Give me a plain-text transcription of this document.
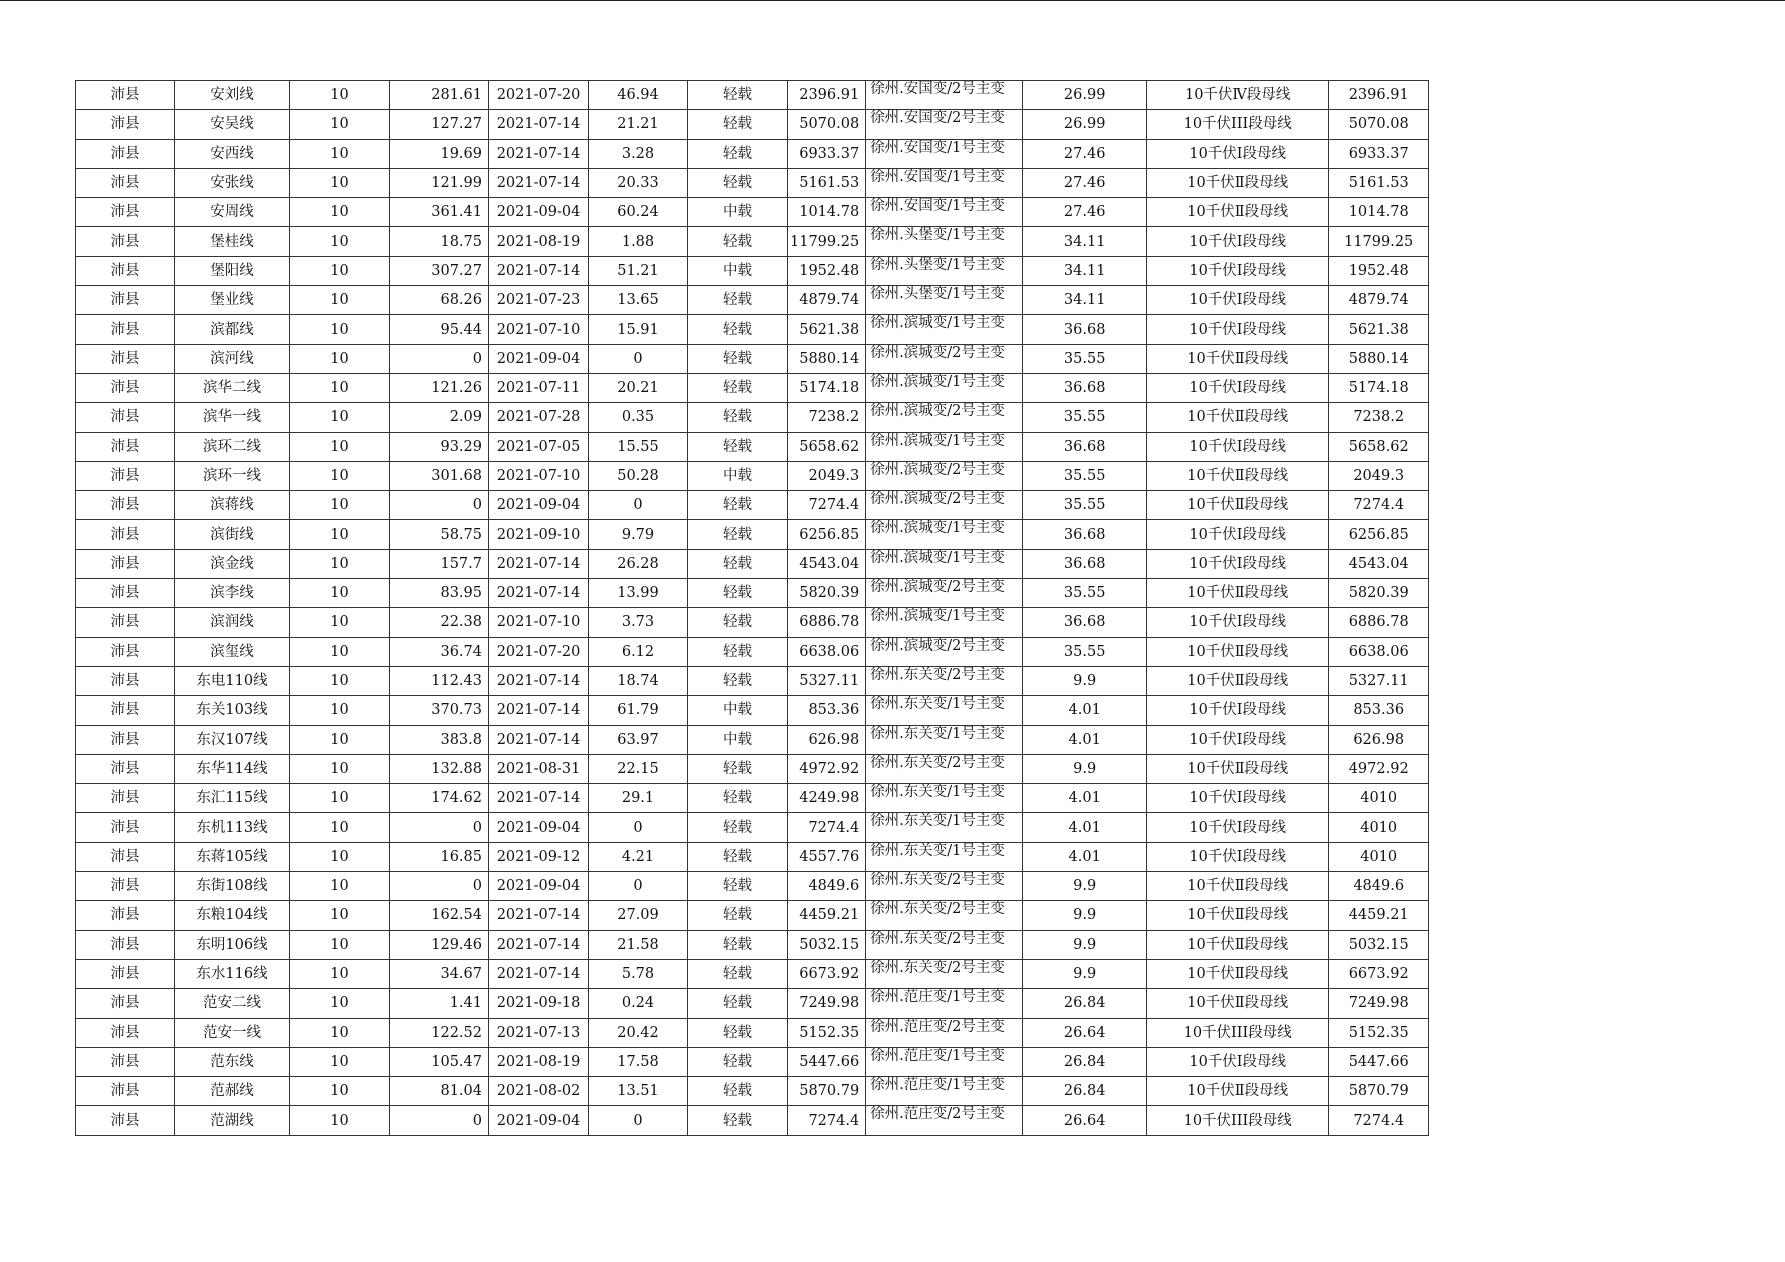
沛县	安刘线	10	281.61	2021-07-20	46.94	轻载	2396.91	徐州.安国变/2号主变	26.99	10千伏Ⅳ段母线	2396.91
沛县	安吴线	10	127.27	2021-07-14	21.21	轻载	5070.08	徐州.安国变/2号主变	26.99	10千伏III段母线	5070.08
沛县	安西线	10	19.69	2021-07-14	3.28	轻载	6933.37	徐州.安国变/1号主变	27.46	10千伏Ⅰ段母线	6933.37
沛县	安张线	10	121.99	2021-07-14	20.33	轻载	5161.53	徐州.安国变/1号主变	27.46	10千伏Ⅱ段母线	5161.53
沛县	安周线	10	361.41	2021-09-04	60.24	中载	1014.78	徐州.安国变/1号主变	27.46	10千伏Ⅱ段母线	1014.78
沛县	堡桂线	10	18.75	2021-08-19	1.88	轻载	11799.25	徐州.头堡变/1号主变	34.11	10千伏Ⅰ段母线	11799.25
沛县	堡阳线	10	307.27	2021-07-14	51.21	中载	1952.48	徐州.头堡变/1号主变	34.11	10千伏Ⅰ段母线	1952.48
沛县	堡业线	10	68.26	2021-07-23	13.65	轻载	4879.74	徐州.头堡变/1号主变	34.11	10千伏Ⅰ段母线	4879.74
沛县	滨都线	10	95.44	2021-07-10	15.91	轻载	5621.38	徐州.滨城变/1号主变	36.68	10千伏Ⅰ段母线	5621.38
沛县	滨河线	10	0	2021-09-04	0	轻载	5880.14	徐州.滨城变/2号主变	35.55	10千伏Ⅱ段母线	5880.14
沛县	滨华二线	10	121.26	2021-07-11	20.21	轻载	5174.18	徐州.滨城变/1号主变	36.68	10千伏Ⅰ段母线	5174.18
沛县	滨华一线	10	2.09	2021-07-28	0.35	轻载	7238.2	徐州.滨城变/2号主变	35.55	10千伏Ⅱ段母线	7238.2
沛县	滨环二线	10	93.29	2021-07-05	15.55	轻载	5658.62	徐州.滨城变/1号主变	36.68	10千伏Ⅰ段母线	5658.62
沛县	滨环一线	10	301.68	2021-07-10	50.28	中载	2049.3	徐州.滨城变/2号主变	35.55	10千伏Ⅱ段母线	2049.3
沛县	滨蒋线	10	0	2021-09-04	0	轻载	7274.4	徐州.滨城变/2号主变	35.55	10千伏Ⅱ段母线	7274.4
沛县	滨街线	10	58.75	2021-09-10	9.79	轻载	6256.85	徐州.滨城变/1号主变	36.68	10千伏Ⅰ段母线	6256.85
沛县	滨金线	10	157.7	2021-07-14	26.28	轻载	4543.04	徐州.滨城变/1号主变	36.68	10千伏Ⅰ段母线	4543.04
沛县	滨李线	10	83.95	2021-07-14	13.99	轻载	5820.39	徐州.滨城变/2号主变	35.55	10千伏Ⅱ段母线	5820.39
沛县	滨润线	10	22.38	2021-07-10	3.73	轻载	6886.78	徐州.滨城变/1号主变	36.68	10千伏Ⅰ段母线	6886.78
沛县	滨玺线	10	36.74	2021-07-20	6.12	轻载	6638.06	徐州.滨城变/2号主变	35.55	10千伏Ⅱ段母线	6638.06
沛县	东电110线	10	112.43	2021-07-14	18.74	轻载	5327.11	徐州.东关变/2号主变	9.9	10千伏Ⅱ段母线	5327.11
沛县	东关103线	10	370.73	2021-07-14	61.79	中载	853.36	徐州.东关变/1号主变	4.01	10千伏Ⅰ段母线	853.36
沛县	东汉107线	10	383.8	2021-07-14	63.97	中载	626.98	徐州.东关变/1号主变	4.01	10千伏Ⅰ段母线	626.98
沛县	东华114线	10	132.88	2021-08-31	22.15	轻载	4972.92	徐州.东关变/2号主变	9.9	10千伏Ⅱ段母线	4972.92
沛县	东汇115线	10	174.62	2021-07-14	29.1	轻载	4249.98	徐州.东关变/1号主变	4.01	10千伏Ⅰ段母线	4010
沛县	东机113线	10	0	2021-09-04	0	轻载	7274.4	徐州.东关变/1号主变	4.01	10千伏Ⅰ段母线	4010
沛县	东蒋105线	10	16.85	2021-09-12	4.21	轻载	4557.76	徐州.东关变/1号主变	4.01	10千伏Ⅰ段母线	4010
沛县	东街108线	10	0	2021-09-04	0	轻载	4849.6	徐州.东关变/2号主变	9.9	10千伏Ⅱ段母线	4849.6
沛县	东粮104线	10	162.54	2021-07-14	27.09	轻载	4459.21	徐州.东关变/2号主变	9.9	10千伏Ⅱ段母线	4459.21
沛县	东明106线	10	129.46	2021-07-14	21.58	轻载	5032.15	徐州.东关变/2号主变	9.9	10千伏Ⅱ段母线	5032.15
沛县	东水116线	10	34.67	2021-07-14	5.78	轻载	6673.92	徐州.东关变/2号主变	9.9	10千伏Ⅱ段母线	6673.92
沛县	范安二线	10	1.41	2021-09-18	0.24	轻载	7249.98	徐州.范庄变/1号主变	26.84	10千伏Ⅱ段母线	7249.98
沛县	范安一线	10	122.52	2021-07-13	20.42	轻载	5152.35	徐州.范庄变/2号主变	26.64	10千伏III段母线	5152.35
沛县	范东线	10	105.47	2021-08-19	17.58	轻载	5447.66	徐州.范庄变/1号主变	26.84	10千伏Ⅰ段母线	5447.66
沛县	范郝线	10	81.04	2021-08-02	13.51	轻载	5870.79	徐州.范庄变/1号主变	26.84	10千伏Ⅱ段母线	5870.79
沛县	范湖线	10	0	2021-09-04	0	轻载	7274.4	徐州.范庄变/2号主变	26.64	10千伏III段母线	7274.4
